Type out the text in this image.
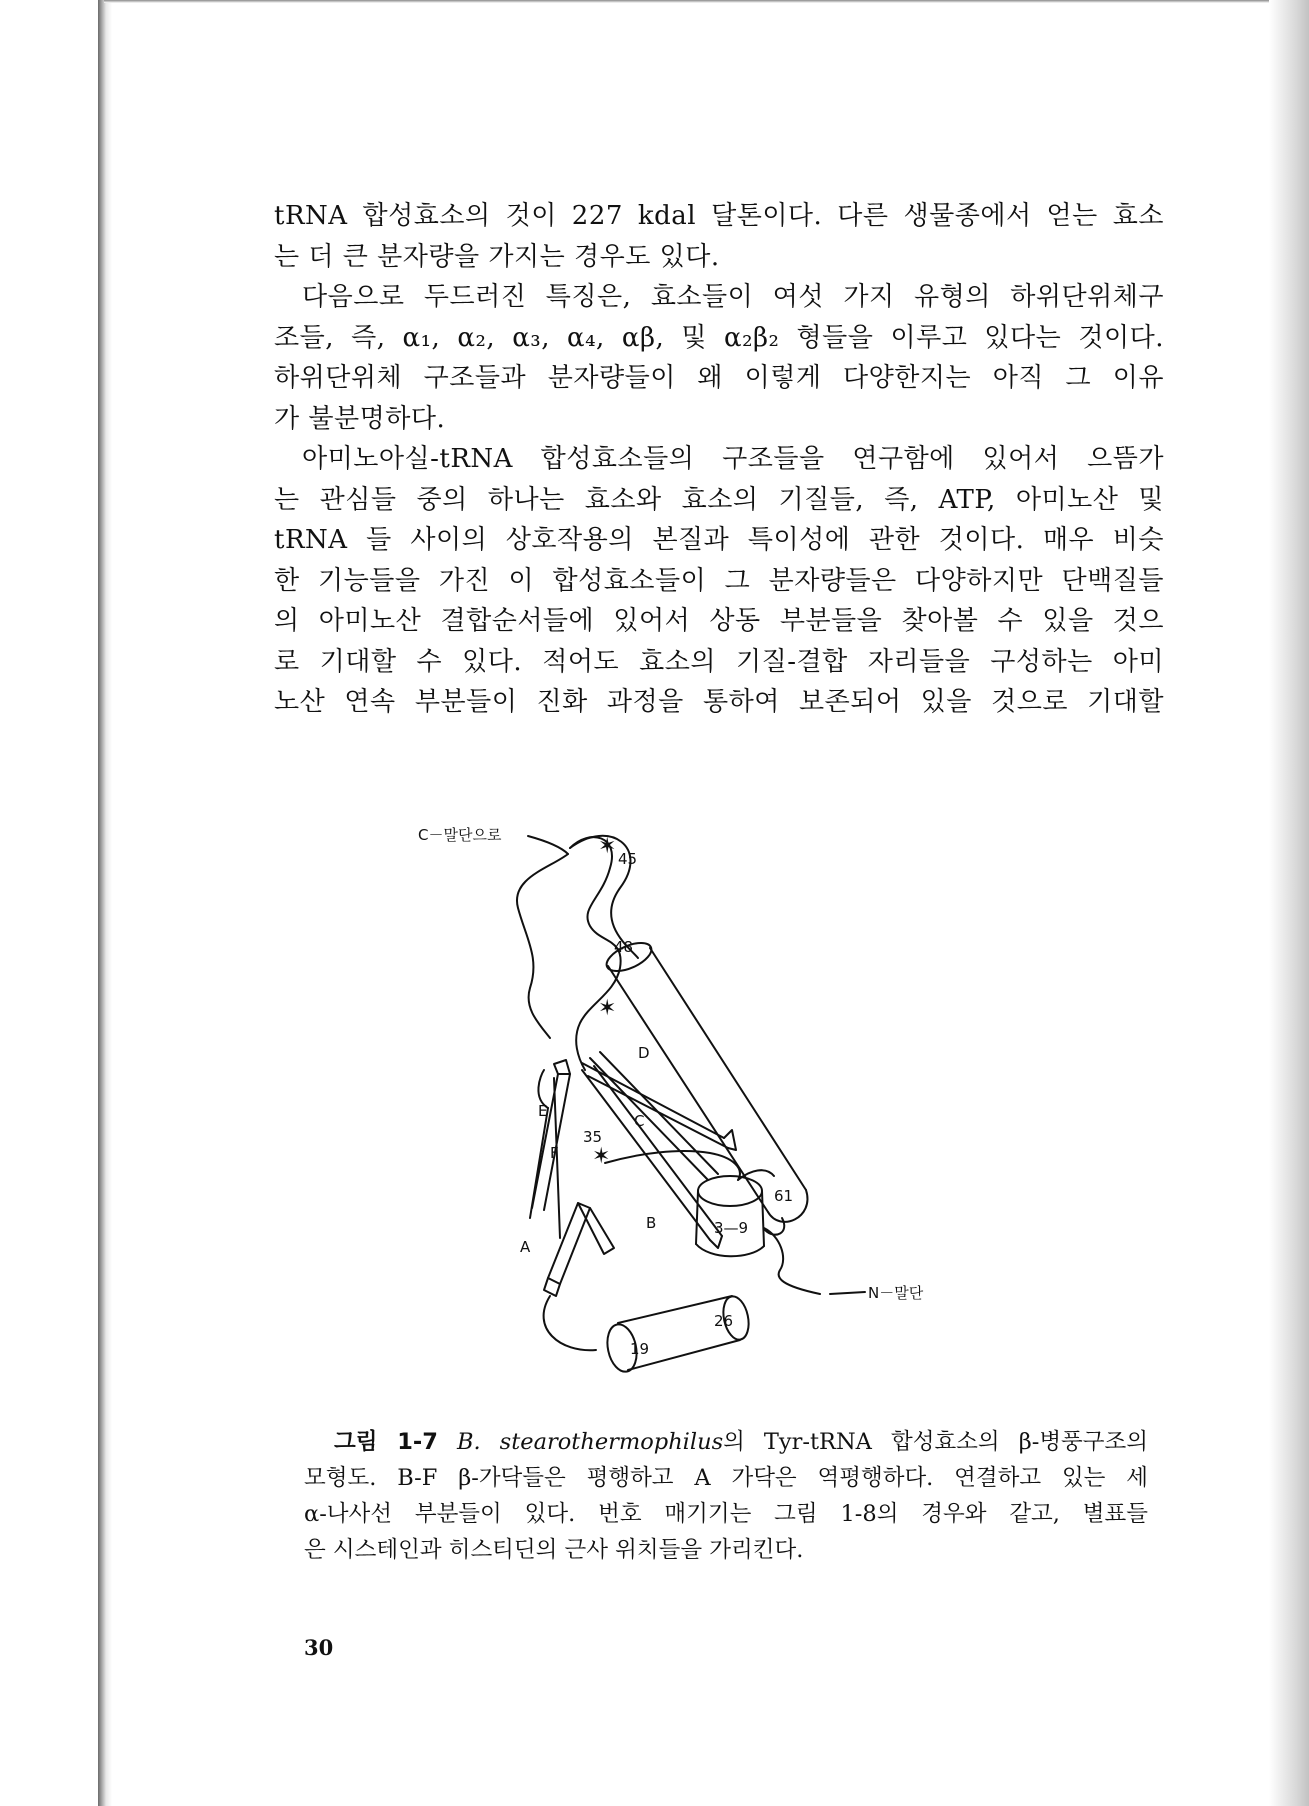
tRNA 합성효소의 것이 227 kdal 달톤이다. 다른 생물종에서 얻는 효소
는 더 큰 분자량을 가지는 경우도 있다.
다음으로 두드러진 특징은, 효소들이 여섯 가지 유형의 하위단위체구
조들, 즉, α₁, α₂, α₃, α₄, αβ, 및 α₂β₂ 형들을 이루고 있다는 것이다.
하위단위체 구조들과 분자량들이 왜 이렇게 다양한지는 아직 그 이유
가 불분명하다.
아미노아실-tRNA 합성효소들의 구조들을 연구함에 있어서 으뜸가
는 관심들 중의 하나는 효소와 효소의 기질들, 즉, ATP, 아미노산 및
tRNA 들 사이의 상호작용의 본질과 특이성에 관한 것이다. 매우 비슷
한 기능들을 가진 이 합성효소들이 그 분자량들은 다양하지만 단백질들
의 아미노산 결합순서들에 있어서 상동 부분들을 찾아볼 수 있을 것으
로 기대할 수 있다. 적어도 효소의 기질-결합 자리들을 구성하는 아미
노산 연속 부분들이 진화 과정을 통하여 보존되어 있을 것으로 기대할
✶
✶
✶
C－말단으로
45
48
D
E
C
F
35
61
B	3—9
A
N－말단
26
19
그림 1-7 B. stearothermophilus의 Tyr-tRNA 합성효소의 β-병풍구조의
모형도. B-F β-가닥들은 평행하고 A 가닥은 역평행하다. 연결하고 있는 세
α-나사선 부분들이 있다. 번호 매기기는 그림 1-8의 경우와 같고, 별표들
은 시스테인과 히스티딘의 근사 위치들을 가리킨다.
30
